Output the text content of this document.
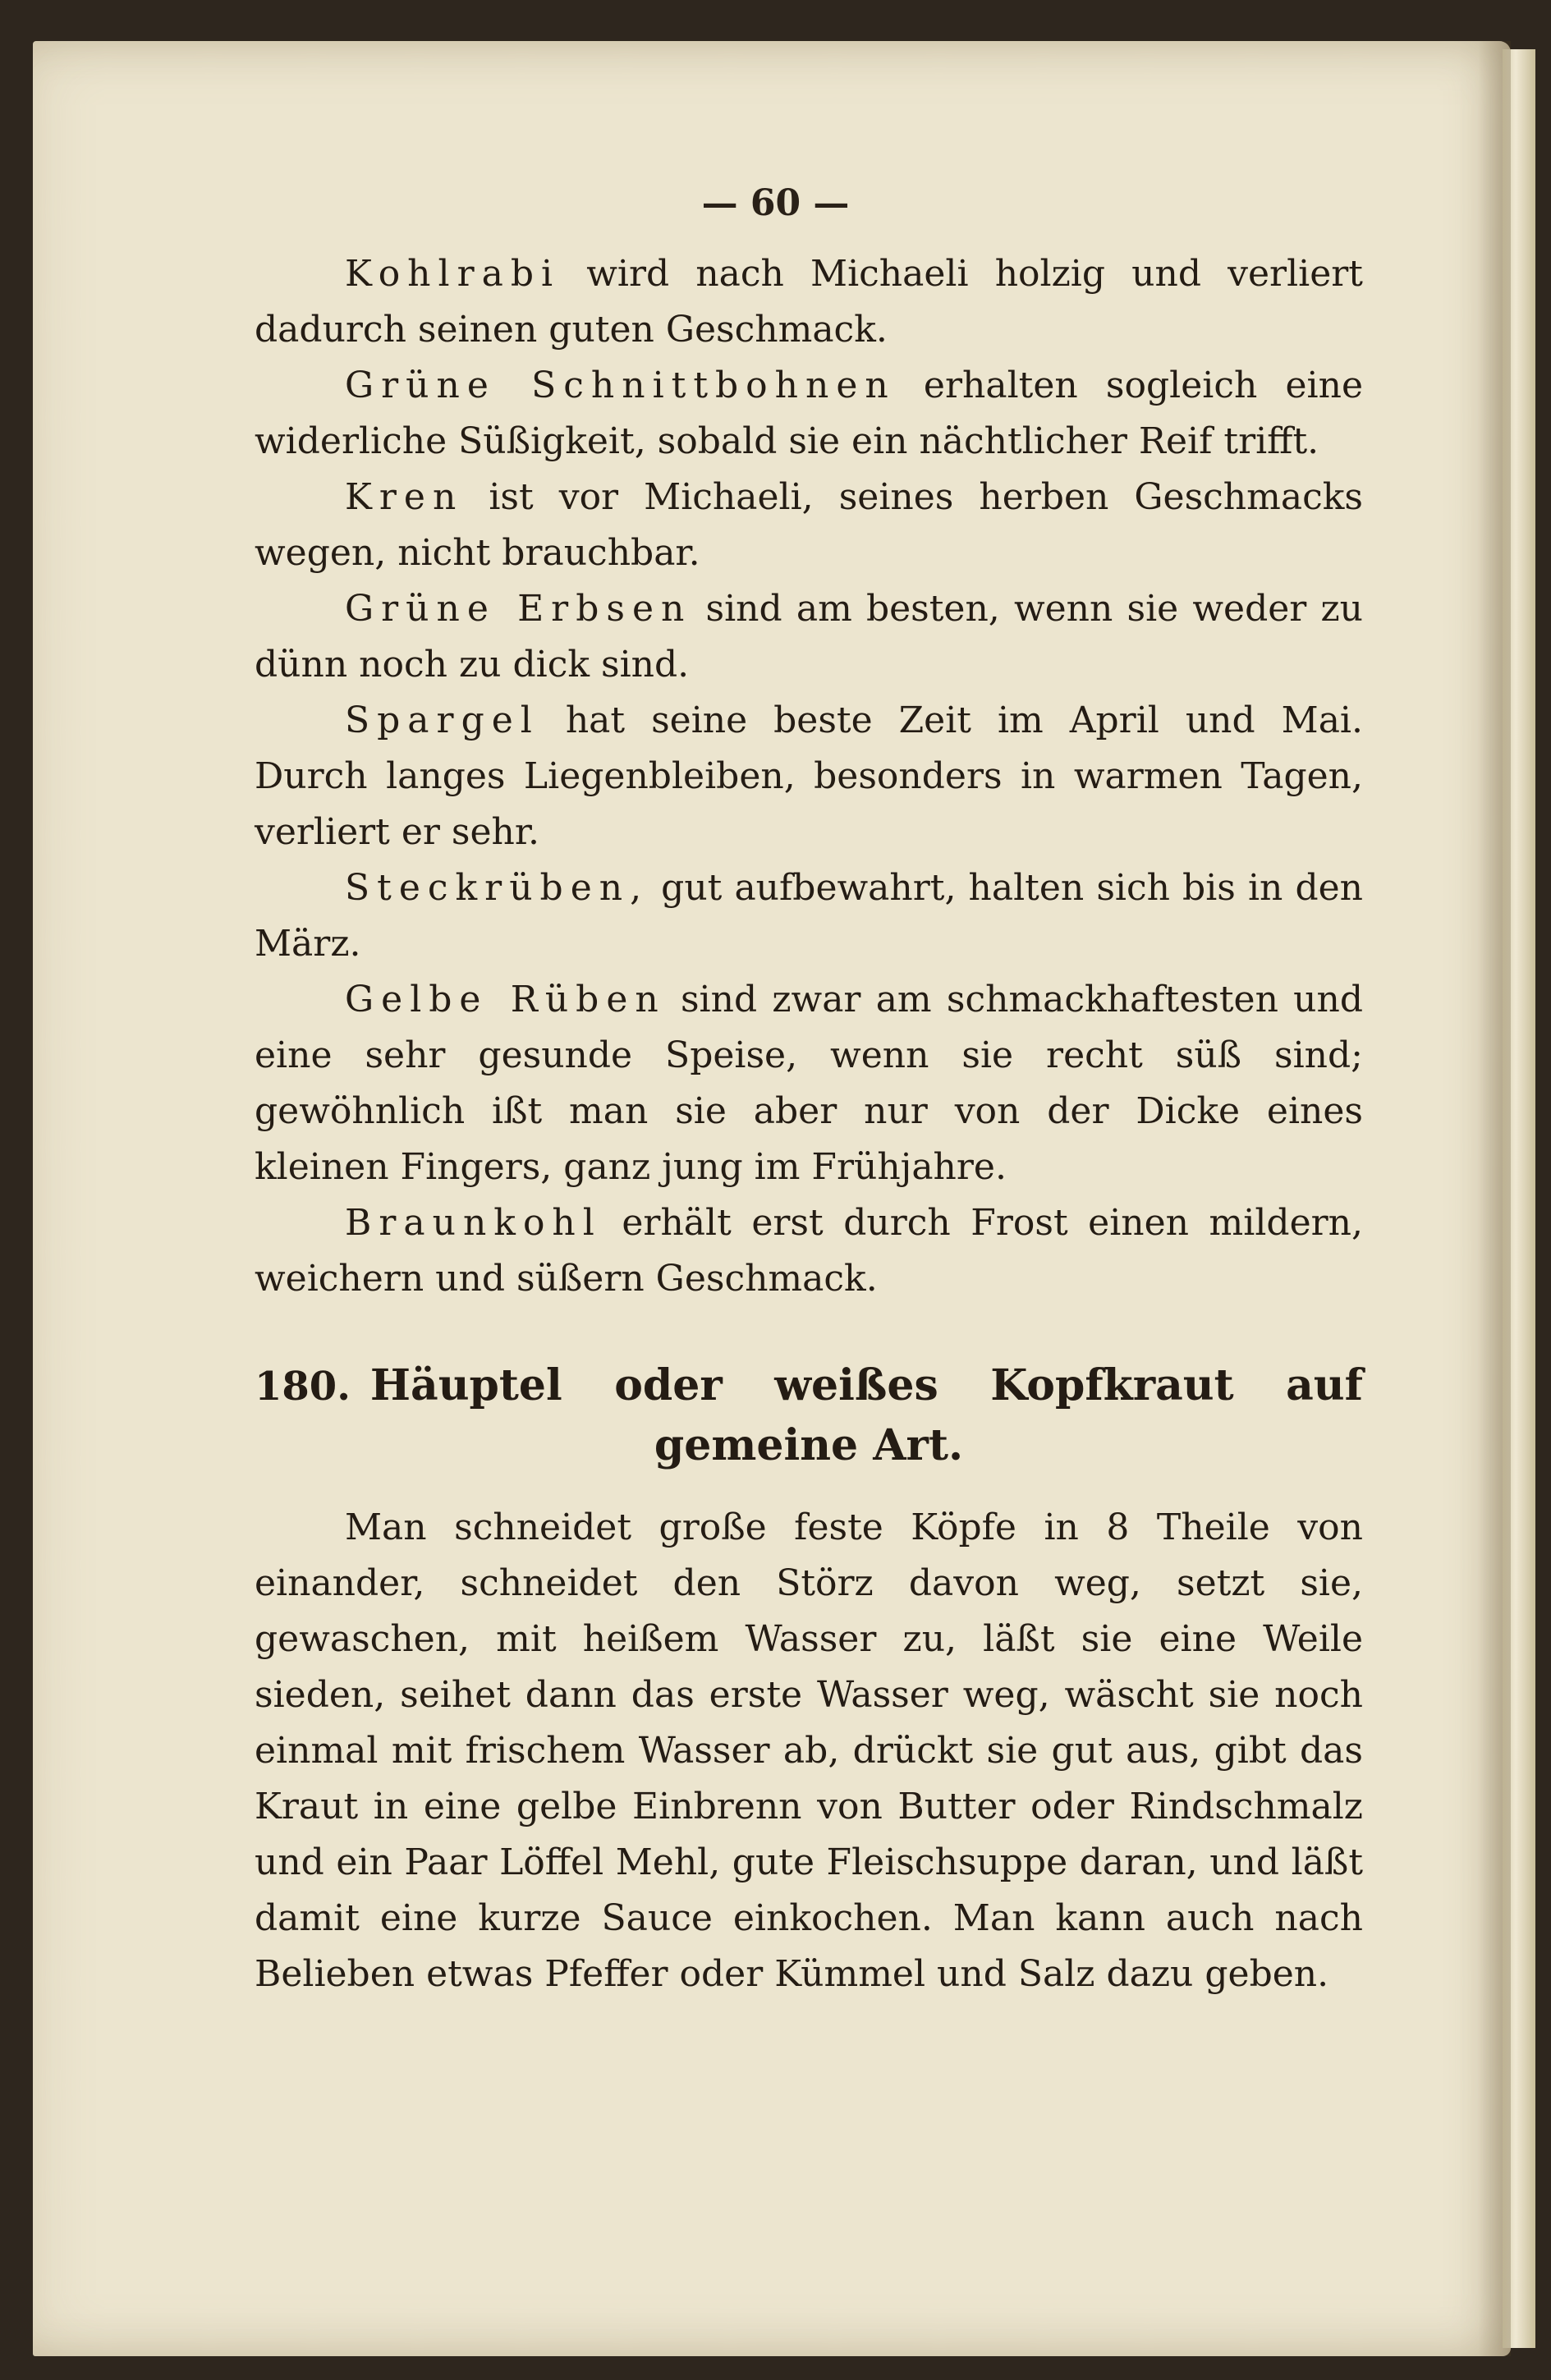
— 60 —

Kohlrabi wird nach Michaeli holzig und verliert dadurch seinen guten Geschmack.

Grüne Schnittbohnen erhalten sogleich eine widerliche Süßigkeit, sobald sie ein nächtlicher Reif trifft.

Kren ist vor Michaeli, seines herben Geschmacks wegen, nicht brauchbar.

Grüne Erbsen sind am besten, wenn sie weder zu dünn noch zu dick sind.

Spargel hat seine beste Zeit im April und Mai. Durch langes Liegenbleiben, besonders in warmen Tagen, verliert er sehr.

Steckrüben, gut aufbewahrt, halten sich bis in den März.

Gelbe Rüben sind zwar am schmackhaftesten und eine sehr gesunde Speise, wenn sie recht süß sind; gewöhnlich ißt man sie aber nur von der Dicke eines kleinen Fingers, ganz jung im Frühjahre.

Braunkohl erhält erst durch Frost einen mildern, weichern und süßern Geschmack.

180. Häuptel oder weißes Kopfkraut auf gemeine Art.

Man schneidet große feste Köpfe in 8 Theile von einander, schneidet den Störz davon weg, setzt sie, gewaschen, mit heißem Wasser zu, läßt sie eine Weile sieden, seihet dann das erste Wasser weg, wäscht sie noch einmal mit frischem Wasser ab, drückt sie gut aus, gibt das Kraut in eine gelbe Einbrenn von Butter oder Rindschmalz und ein Paar Löffel Mehl, gute Fleischsuppe daran, und läßt damit eine kurze Sauce einkochen. Man kann auch nach Belieben etwas Pfeffer oder Kümmel und Salz dazu geben.
